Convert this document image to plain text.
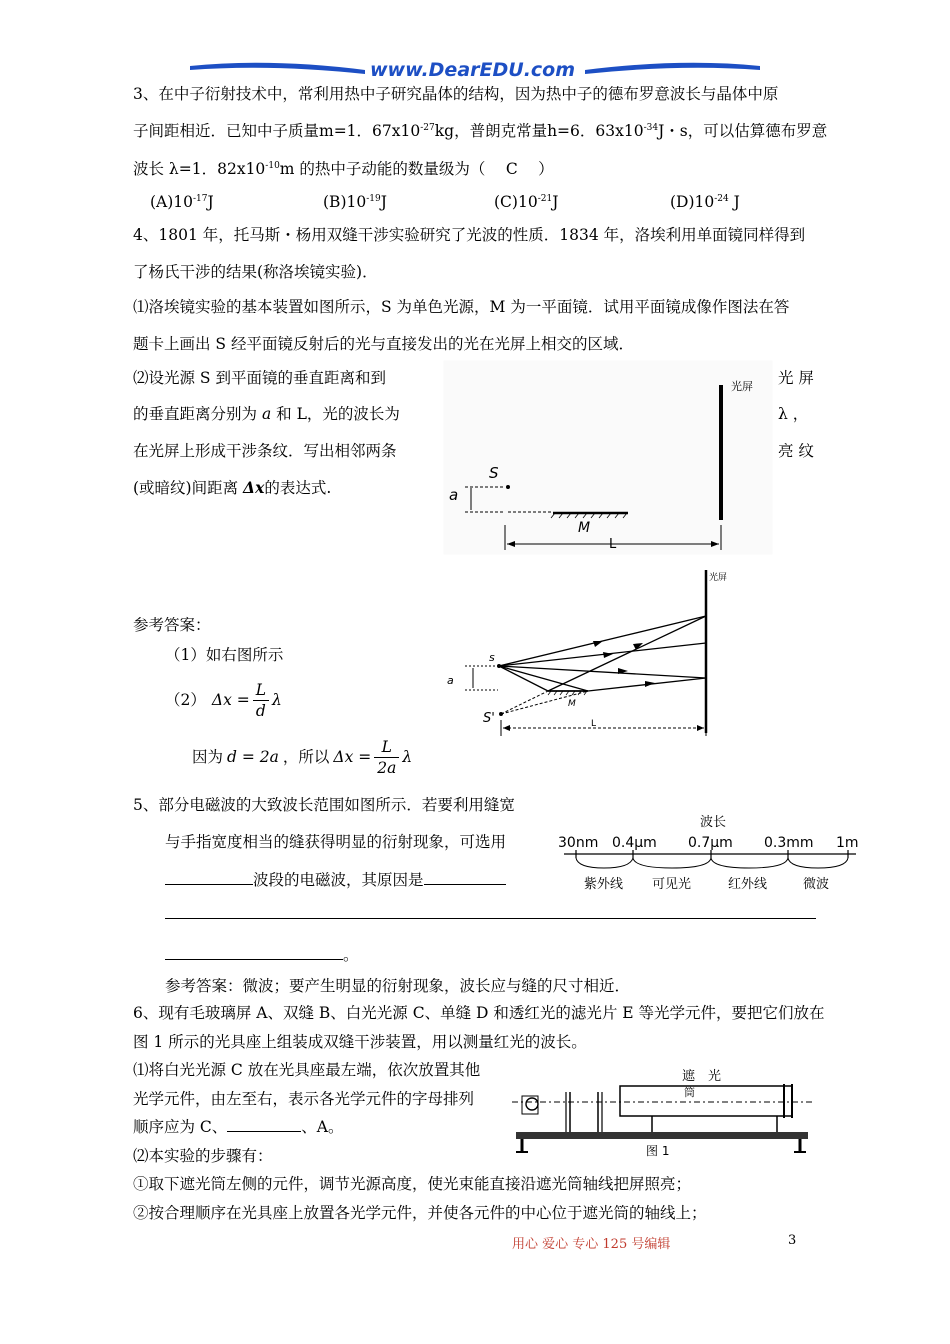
www.DearEDU.com
3、在中子衍射技术中，常利用热中子研究晶体的结构，因为热中子的德布罗意波长与晶体中原
子间距相近．已知中子质量m=1．$67x10^{-27}kg$，普朗克常量h=6．$63x10^{-34}J$・s，可以估算德布罗意
波长 λ=1．$82x10^{-10}m$ 的热中子动能的数量级为（　 C　 ）
$(A)10^{-17}J$	$(B)10^{-19}J$	$(C)10^{-21}J$	$(D)10^{-24}$ J
4、1801 年，托马斯・杨用双缝干涉实验研究了光波的性质．1834 年，洛埃利用单面镜同样得到
了杨氏干涉的结果(称洛埃镜实验)．
⑴洛埃镜实验的基本装置如图所示，S 为单色光源，M 为一平面镜．试用平面镜成像作图法在答
题卡上画出 S 经平面镜反射后的光与直接发出的光在光屏上相交的区域．
⑵设光源 S 到平面镜的垂直距离和到
的垂直距离分别为 a 和 L，光的波长为
在光屏上形成干涉条纹．写出相邻两条
(或暗纹)间距离 Δx的表达式.
光 屏
λ ，
亮 纹
光屏
S
a
M
L
参考答案：
（1）如右图所示
（2） $\Delta x = \frac{L}{d}$ λ
因为 d = 2a ，所以 $\Delta x = \frac{L}{2a}$ λ
光屏
s
a
S'
M
L
5、部分电磁波的大致波长范围如图所示．若要利用缝宽
与手指宽度相当的缝获得明显的衍射现象，可选用
波段的电磁波，其原因是
。
参考答案：微波；要产生明显的衍射现象，波长应与缝的尺寸相近．
波长
30nm 0.4μm 0.7μm 0.3mm 1m
紫外线 可见光	红外线	微波
6、现有毛玻璃屏 A、双缝 B、白光光源 C、单缝 D 和透红光的滤光片 E 等光学元件，要把它们放在
图 1 所示的光具座上组装成双缝干涉装置，用以测量红光的波长。
⑴将白光光源 C 放在光具座最左端，依次放置其他
光学元件，由左至右，表示各光学元件的字母排列
顺序应为 C、	、A。
⑵本实验的步骤有：
①取下遮光筒左侧的元件，调节光源高度，使光束能直接沿遮光筒轴线把屏照亮；
②按合理顺序在光具座上放置各光学元件，并使各元件的中心位于遮光筒的轴线上；
遮　光
筒
图 1
用心 爱心 专心 125 号编辑	3
